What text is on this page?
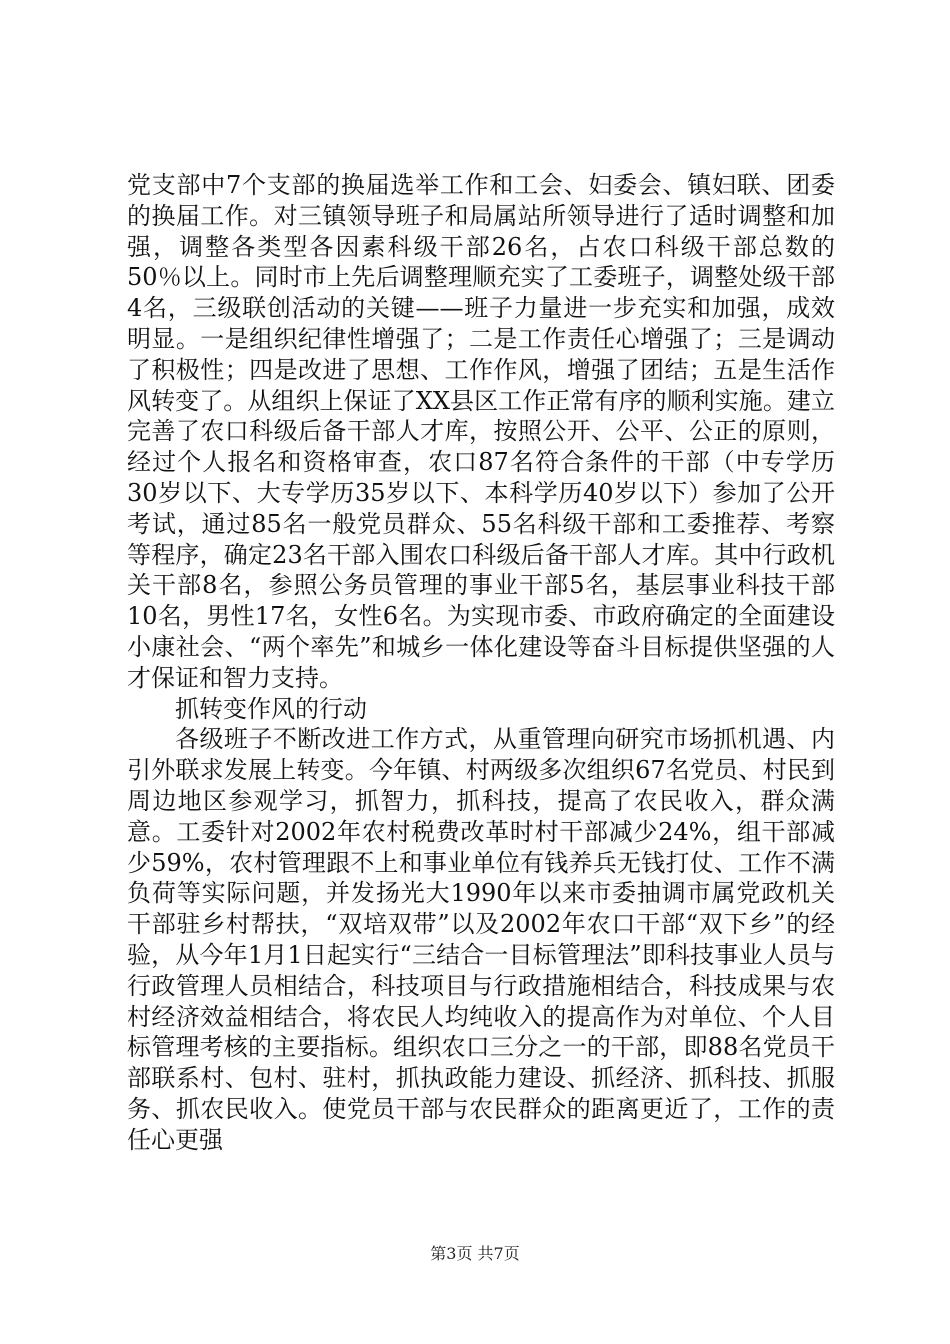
党支部中7个支部的换届选举工作和工会、妇委会、镇妇联、团委的换届工作。对三镇领导班子和局属站所领导进行了适时调整和加强，调整各类型各因素科级干部26名，占农口科级干部总数的50％以上。同时市上先后调整理顺充实了工委班子，调整处级干部4名，三级联创活动的关键——班子力量进一步充实和加强，成效明显。一是组织纪律性增强了；二是工作责任心增强了；三是调动了积极性；四是改进了思想、工作作风，增强了团结；五是生活作风转变了。从组织上保证了XX县区工作正常有序的顺利实施。建立完善了农口科级后备干部人才库，按照公开、公平、公正的原则，经过个人报名和资格审查，农口87名符合条件的干部（中专学历30岁以下、大专学历35岁以下、本科学历40岁以下）参加了公开考试，通过85名一般党员群众、55名科级干部和工委推荐、考察等程序，确定23名干部入围农口科级后备干部人才库。其中行政机关干部8名，参照公务员管理的事业干部5名，基层事业科技干部10名，男性17名，女性6名。为实现市委、市政府确定的全面建设小康社会、“两个率先”和城乡一体化建设等奋斗目标提供坚强的人才保证和智力支持。

抓转变作风的行动

各级班子不断改进工作方式，从重管理向研究市场抓机遇、内引外联求发展上转变。今年镇、村两级多次组织67名党员、村民到周边地区参观学习，抓智力，抓科技，提高了农民收入，群众满意。工委针对2002年农村税费改革时村干部减少24%，组干部减少59%，农村管理跟不上和事业单位有钱养兵无钱打仗、工作不满负荷等实际问题，并发扬光大1990年以来市委抽调市属党政机关干部驻乡村帮扶，“双培双带”以及2002年农口干部“双下乡”的经验，从今年1月1日起实行“三结合一目标管理法”即科技事业人员与行政管理人员相结合，科技项目与行政措施相结合，科技成果与农村经济效益相结合，将农民人均纯收入的提高作为对单位、个人目标管理考核的主要指标。组织农口三分之一的干部，即88名党员干部联系村、包村、驻村，抓执政能力建设、抓经济、抓科技、抓服务、抓农民收入。使党员干部与农民群众的距离更近了，工作的责任心更强

第3页 共7页
